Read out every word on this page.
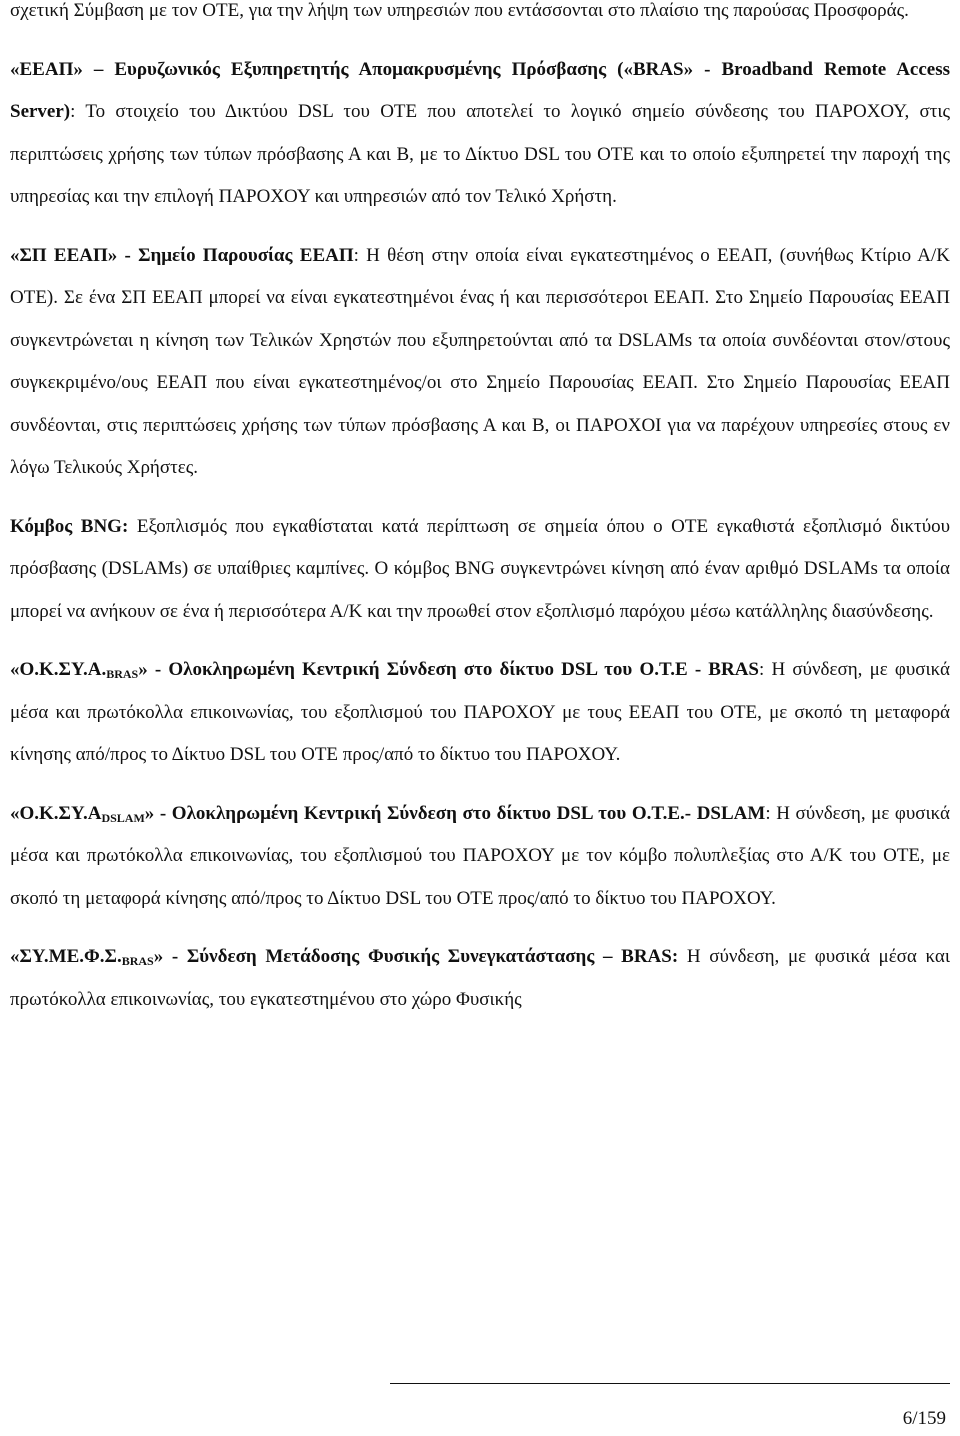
σχετική Σύμβαση με τον ΟΤΕ, για την λήψη των υπηρεσιών που εντάσσονται στο πλαίσιο της παρούσας Προσφοράς.

«ΕΕΑΠ» – Ευρυζωνικός Εξυπηρετητής Απομακρυσμένης Πρόσβασης («BRAS» - Broadband Remote Access Server): Το στοιχείο του Δικτύου DSL του ΟΤΕ που αποτελεί το λογικό σημείο σύνδεσης του ΠΑΡΟΧΟΥ, στις περιπτώσεις χρήσης των τύπων πρόσβασης Α και Β, με το Δίκτυο DSL του ΟΤΕ και το οποίο εξυπηρετεί την παροχή της υπηρεσίας και την επιλογή ΠΑΡΟΧΟΥ και υπηρεσιών από τον Τελικό Χρήστη.

«ΣΠ ΕΕΑΠ» - Σημείο Παρουσίας ΕΕΑΠ: Η θέση στην οποία είναι εγκατεστημένος ο ΕΕΑΠ, (συνήθως Κτίριο Α/Κ ΟΤΕ). Σε ένα ΣΠ ΕΕΑΠ μπορεί να είναι εγκατεστημένοι ένας ή και περισσότεροι ΕΕΑΠ. Στο Σημείο Παρουσίας ΕΕΑΠ συγκεντρώνεται η κίνηση των Τελικών Χρηστών που εξυπηρετούνται από τα DSLAMs τα οποία συνδέονται στον/στους συγκεκριμένο/ους ΕΕΑΠ που είναι εγκατεστημένος/οι στο Σημείο Παρουσίας ΕΕΑΠ. Στο Σημείο Παρουσίας ΕΕΑΠ συνδέονται, στις περιπτώσεις χρήσης των τύπων πρόσβασης Α και Β, οι ΠΑΡΟΧΟΙ για να παρέχουν υπηρεσίες στους εν λόγω Τελικούς Χρήστες.

Κόμβος BNG: Εξοπλισμός που εγκαθίσταται κατά περίπτωση σε σημεία όπου ο ΟΤΕ εγκαθιστά εξοπλισμό δικτύου πρόσβασης (DSLAMs) σε υπαίθριες καμπίνες. Ο κόμβος BNG συγκεντρώνει κίνηση από έναν αριθμό DSLAMs τα οποία μπορεί να ανήκουν σε ένα ή περισσότερα Α/Κ και την προωθεί στον εξοπλισμό παρόχου μέσω κατάλληλης διασύνδεσης.

«$O.K.\Sigma\Upsilon.A._{BRAS}$» - Ολοκληρωμένη Κεντρική Σύνδεση στο δίκτυο DSL του Ο.Τ.Ε - BRAS: Η σύνδεση, με φυσικά μέσα και πρωτόκολλα επικοινωνίας, του εξοπλισμού του ΠΑΡΟΧΟΥ με τους ΕΕΑΠ του ΟΤΕ, με σκοπό τη μεταφορά κίνησης από/προς το Δίκτυο DSL του ΟΤΕ προς/από το δίκτυο του ΠΑΡΟΧΟΥ.

«$O.K.\Sigma\Upsilon.A_{DSLAM}$» - Ολοκληρωμένη Κεντρική Σύνδεση στο δίκτυο DSL του Ο.Τ.Ε.- DSLAM: Η σύνδεση, με φυσικά μέσα και πρωτόκολλα επικοινωνίας, του εξοπλισμού του ΠΑΡΟΧΟΥ με τον κόμβο πολυπλεξίας στο Α/Κ του ΟΤΕ, με σκοπό τη μεταφορά κίνησης από/προς το Δίκτυο DSL του ΟΤΕ προς/από το δίκτυο του ΠΑΡΟΧΟΥ.

«$\Sigma\Upsilon.ME.\Phi.\Sigma._{BRAS}$» - Σύνδεση Μετάδοσης Φυσικής Συνεγκατάστασης – BRAS: Η σύνδεση, με φυσικά μέσα και πρωτόκολλα επικοινωνίας, του εγκατεστημένου στο χώρο Φυσικής

6/159
